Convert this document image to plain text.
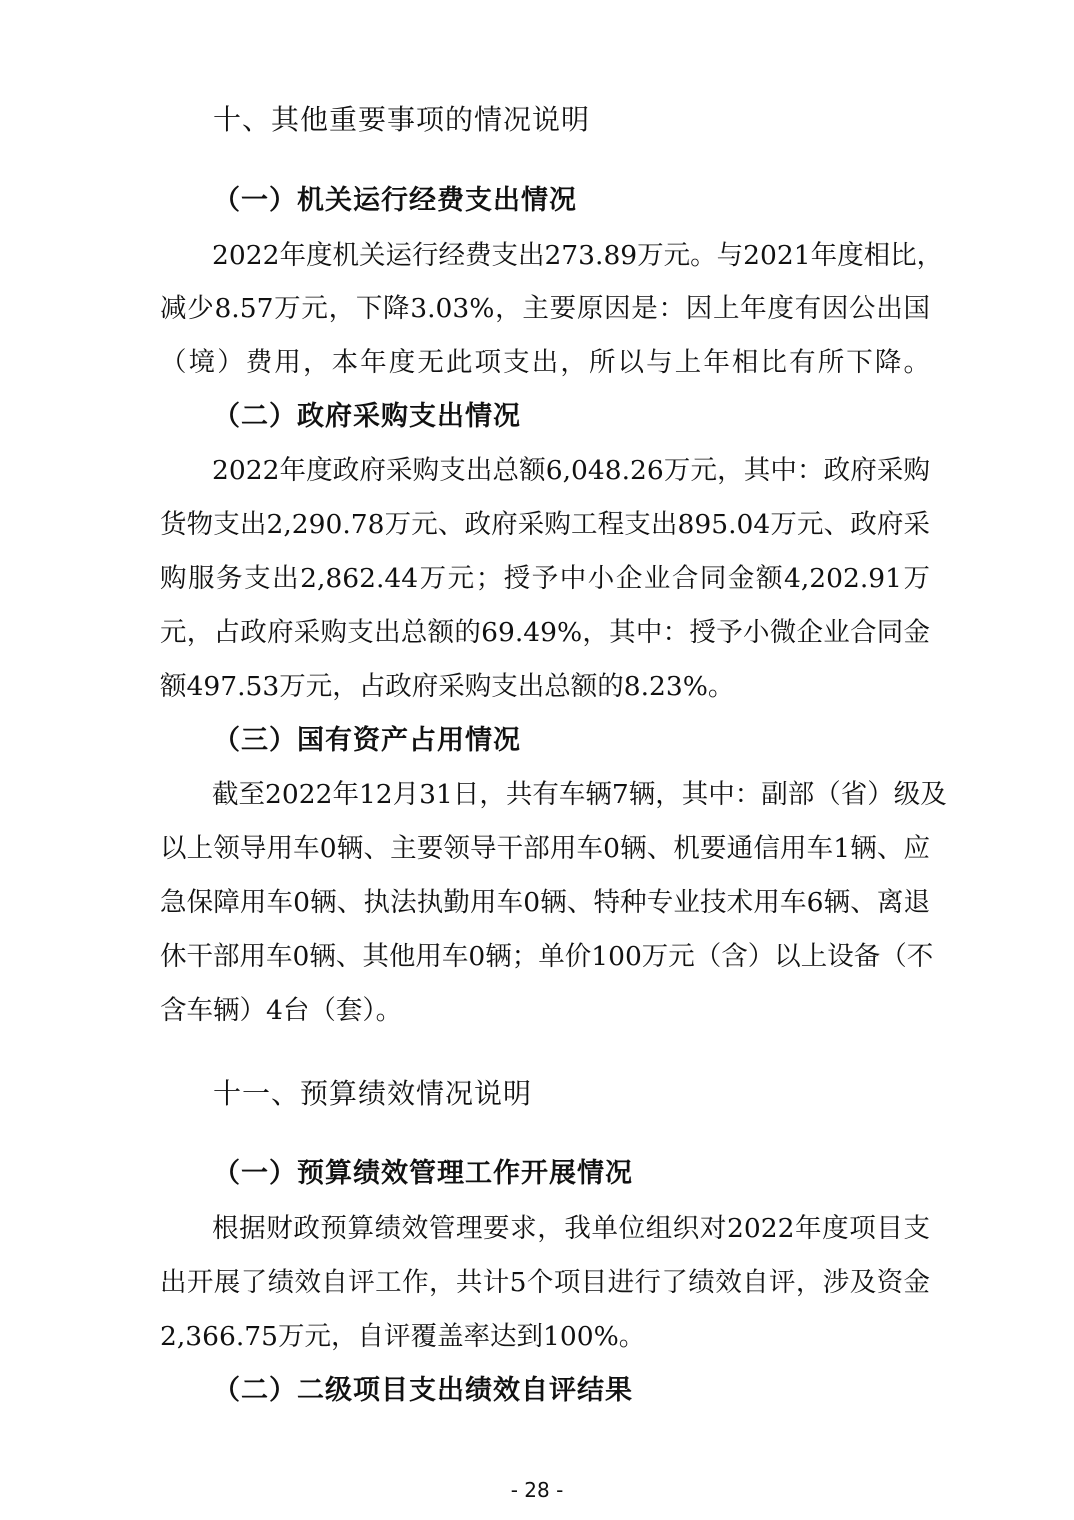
十、其他重要事项的情况说明
（一）机关运行经费支出情况
2022年度机关运行经费支出273.89万元。与2021年度相比，
减少8.57万元，下降3.03%，主要原因是：因上年度有因公出国
（境）费用，本年度无此项支出，所以与上年相比有所下降。
（二）政府采购支出情况
2022年度政府采购支出总额6,048.26万元，其中：政府采购
货物支出2,290.78万元、政府采购工程支出895.04万元、政府采
购服务支出2,862.44万元；授予中小企业合同金额4,202.91万
元，占政府采购支出总额的69.49%，其中：授予小微企业合同金
额497.53万元，占政府采购支出总额的8.23%。
（三）国有资产占用情况
截至2022年12月31日，共有车辆7辆，其中：副部（省）级及
以上领导用车0辆、主要领导干部用车0辆、机要通信用车1辆、应
急保障用车0辆、执法执勤用车0辆、特种专业技术用车6辆、离退
休干部用车0辆、其他用车0辆；单价100万元（含）以上设备（不
含车辆）4台（套）。
十一、预算绩效情况说明
（一）预算绩效管理工作开展情况
根据财政预算绩效管理要求，我单位组织对2022年度项目支
出开展了绩效自评工作，共计5个项目进行了绩效自评，涉及资金
2,366.75万元，自评覆盖率达到100%。
（二）二级项目支出绩效自评结果
- 28 -
